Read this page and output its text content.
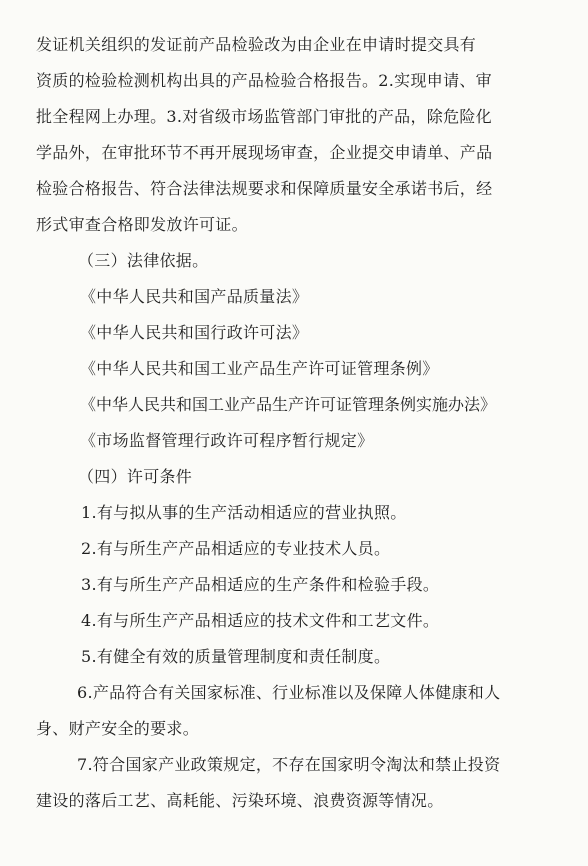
发证机关组织的发证前产品检验改为由企业在申请时提交具有
资质的检验检测机构出具的产品检验合格报告。2.实现申请、审
批全程网上办理。3.对省级市场监管部门审批的产品，除危险化
学品外，在审批环节不再开展现场审查，企业提交申请单、产品
检验合格报告、符合法律法规要求和保障质量安全承诺书后，经
形式审查合格即发放许可证。
（三）法律依据。
《中华人民共和国产品质量法》
《中华人民共和国行政许可法》
《中华人民共和国工业产品生产许可证管理条例》
《中华人民共和国工业产品生产许可证管理条例实施办法》
《市场监督管理行政许可程序暂行规定》
（四）许可条件
1.有与拟从事的生产活动相适应的营业执照。
2.有与所生产产品相适应的专业技术人员。
3.有与所生产产品相适应的生产条件和检验手段。
4.有与所生产产品相适应的技术文件和工艺文件。
5.有健全有效的质量管理制度和责任制度。
6.产品符合有关国家标准、行业标准以及保障人体健康和人
身、财产安全的要求。
7.符合国家产业政策规定，不存在国家明令淘汰和禁止投资
建设的落后工艺、高耗能、污染环境、浪费资源等情况。
